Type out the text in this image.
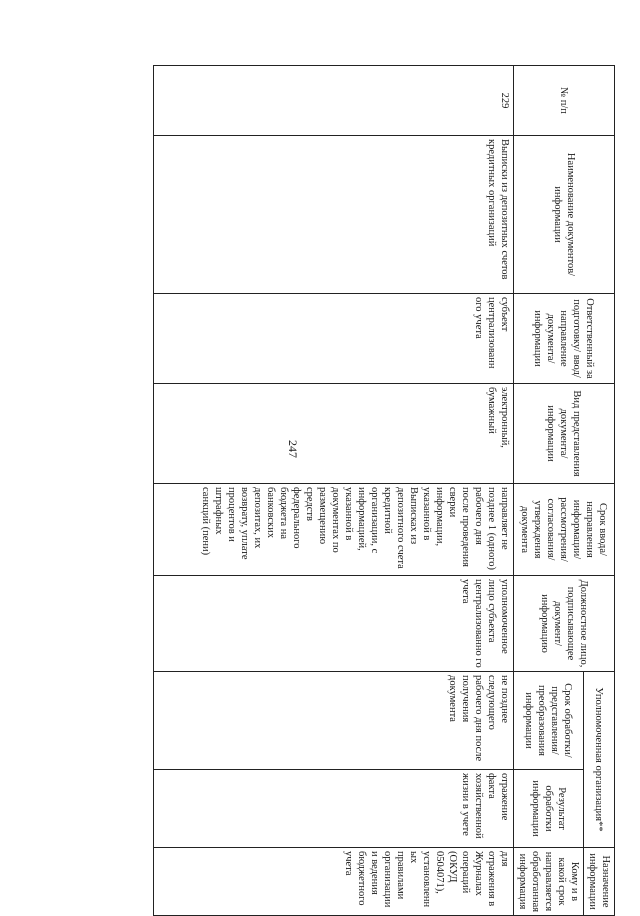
247
№ п/п	Наименование документов/информации	Ответственный за подготовку/ ввод/ направление документа/ информации	Вид представления документа/ информации	Срок ввода/ направления информации/ рассмотрения/ согласования/ утверждения документа	Должностное лицо, подписывающее документ/ информацию	Уполномоченная организация**		Назначение информации
						Срок обработки/ представления/ преобразования информации	Результат обработки информации	Кому и в какой срок направляется обработанная информация
229	Выписки из депозитных счетов кредитных организаций	субъект централизованн ого учета	электронный, бумажный	направляет не позднее 1 (одного) рабочего дня после проведения сверки информации, указанной в Выписках из депозитного счета кредитной организации, с информацией, указанной в документах по размещению средств федерального бюджета на банковских депозитах, их возврату, уплате процентов и штрафных санкций (пени)	уполномоченное лицо субъекта централизованно го учета	не позднее следующего рабочего дня после получения документа	отражение факта хозяйственной жизни в учете	для отражения в Журналах операций (ОКУД 0504071), установленн ых правилами организации и ведения бюджетного учета
